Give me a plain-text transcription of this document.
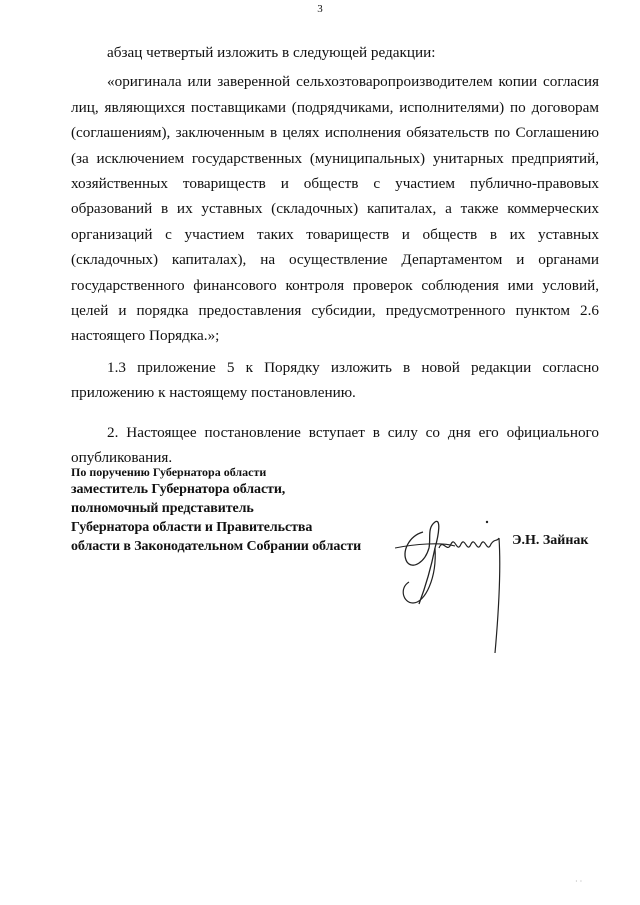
3

абзац четвертый изложить в следующей редакции:

«оригинала или заверенной сельхозтоваропроизводителем копии согласия лиц, являющихся поставщиками (подрядчиками, исполнителями) по договорам (соглашениям), заключенным в целях исполнения обязательств по Соглашению (за исключением государственных (муниципальных) унитарных предприятий, хозяйственных товариществ и обществ с участием публично-правовых образований в их уставных (складочных) капиталах, а также коммерческих организаций с участием таких товариществ и обществ в их уставных (складочных) капиталах), на осуществление Департаментом и органами государственного финансового контроля проверок соблюдения ими условий, целей и порядка предоставления субсидии, предусмотренного пунктом 2.6 настоящего Порядка.»;

1.3 приложение 5 к Порядку изложить в новой редакции согласно приложению к настоящему постановлению.

2. Настоящее постановление вступает в силу со дня его официального опубликования.

По поручению Губернатора области
заместитель Губернатора области,
полномочный представитель
Губернатора области и Правительства
области в Законодательном Собрании области	Э.Н. Зайнак
· ·
